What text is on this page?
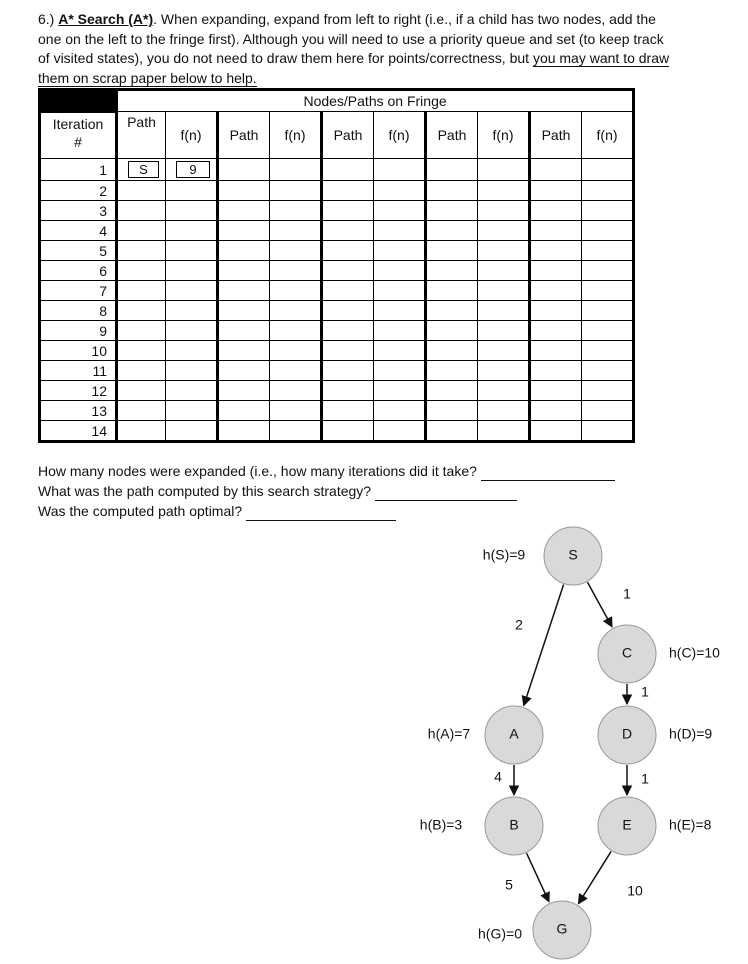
6.) A* Search (A*). When expanding, expand from left to right (i.e., if a child has two nodes, add the one on the left to the fringe first). Although you will need to use a priority queue and set (to keep track of visited states), you do not need to draw them here for points/correctness, but you may want to draw them on scrap paper below to help.
	Nodes/Paths on Fringe									
Iteration
#	Path	f(n)	Path	f(n)	Path	f(n)	Path	f(n)	Path	f(n)
1	S	9								

2										
3										
4										
5										
6										
7										
8										
9										
10										
11										
12										
13										
14										
How many nodes were expanded (i.e., how many iterations did it take?
What was the path computed by this search strategy?
Was the computed path optimal?
S
A
B
C
D
E
G
2
1
1
1
4
5	10
h(S)=9
h(A)=7
h(B)=3
h(C)=10
h(D)=9
h(E)=8
h(G)=0
